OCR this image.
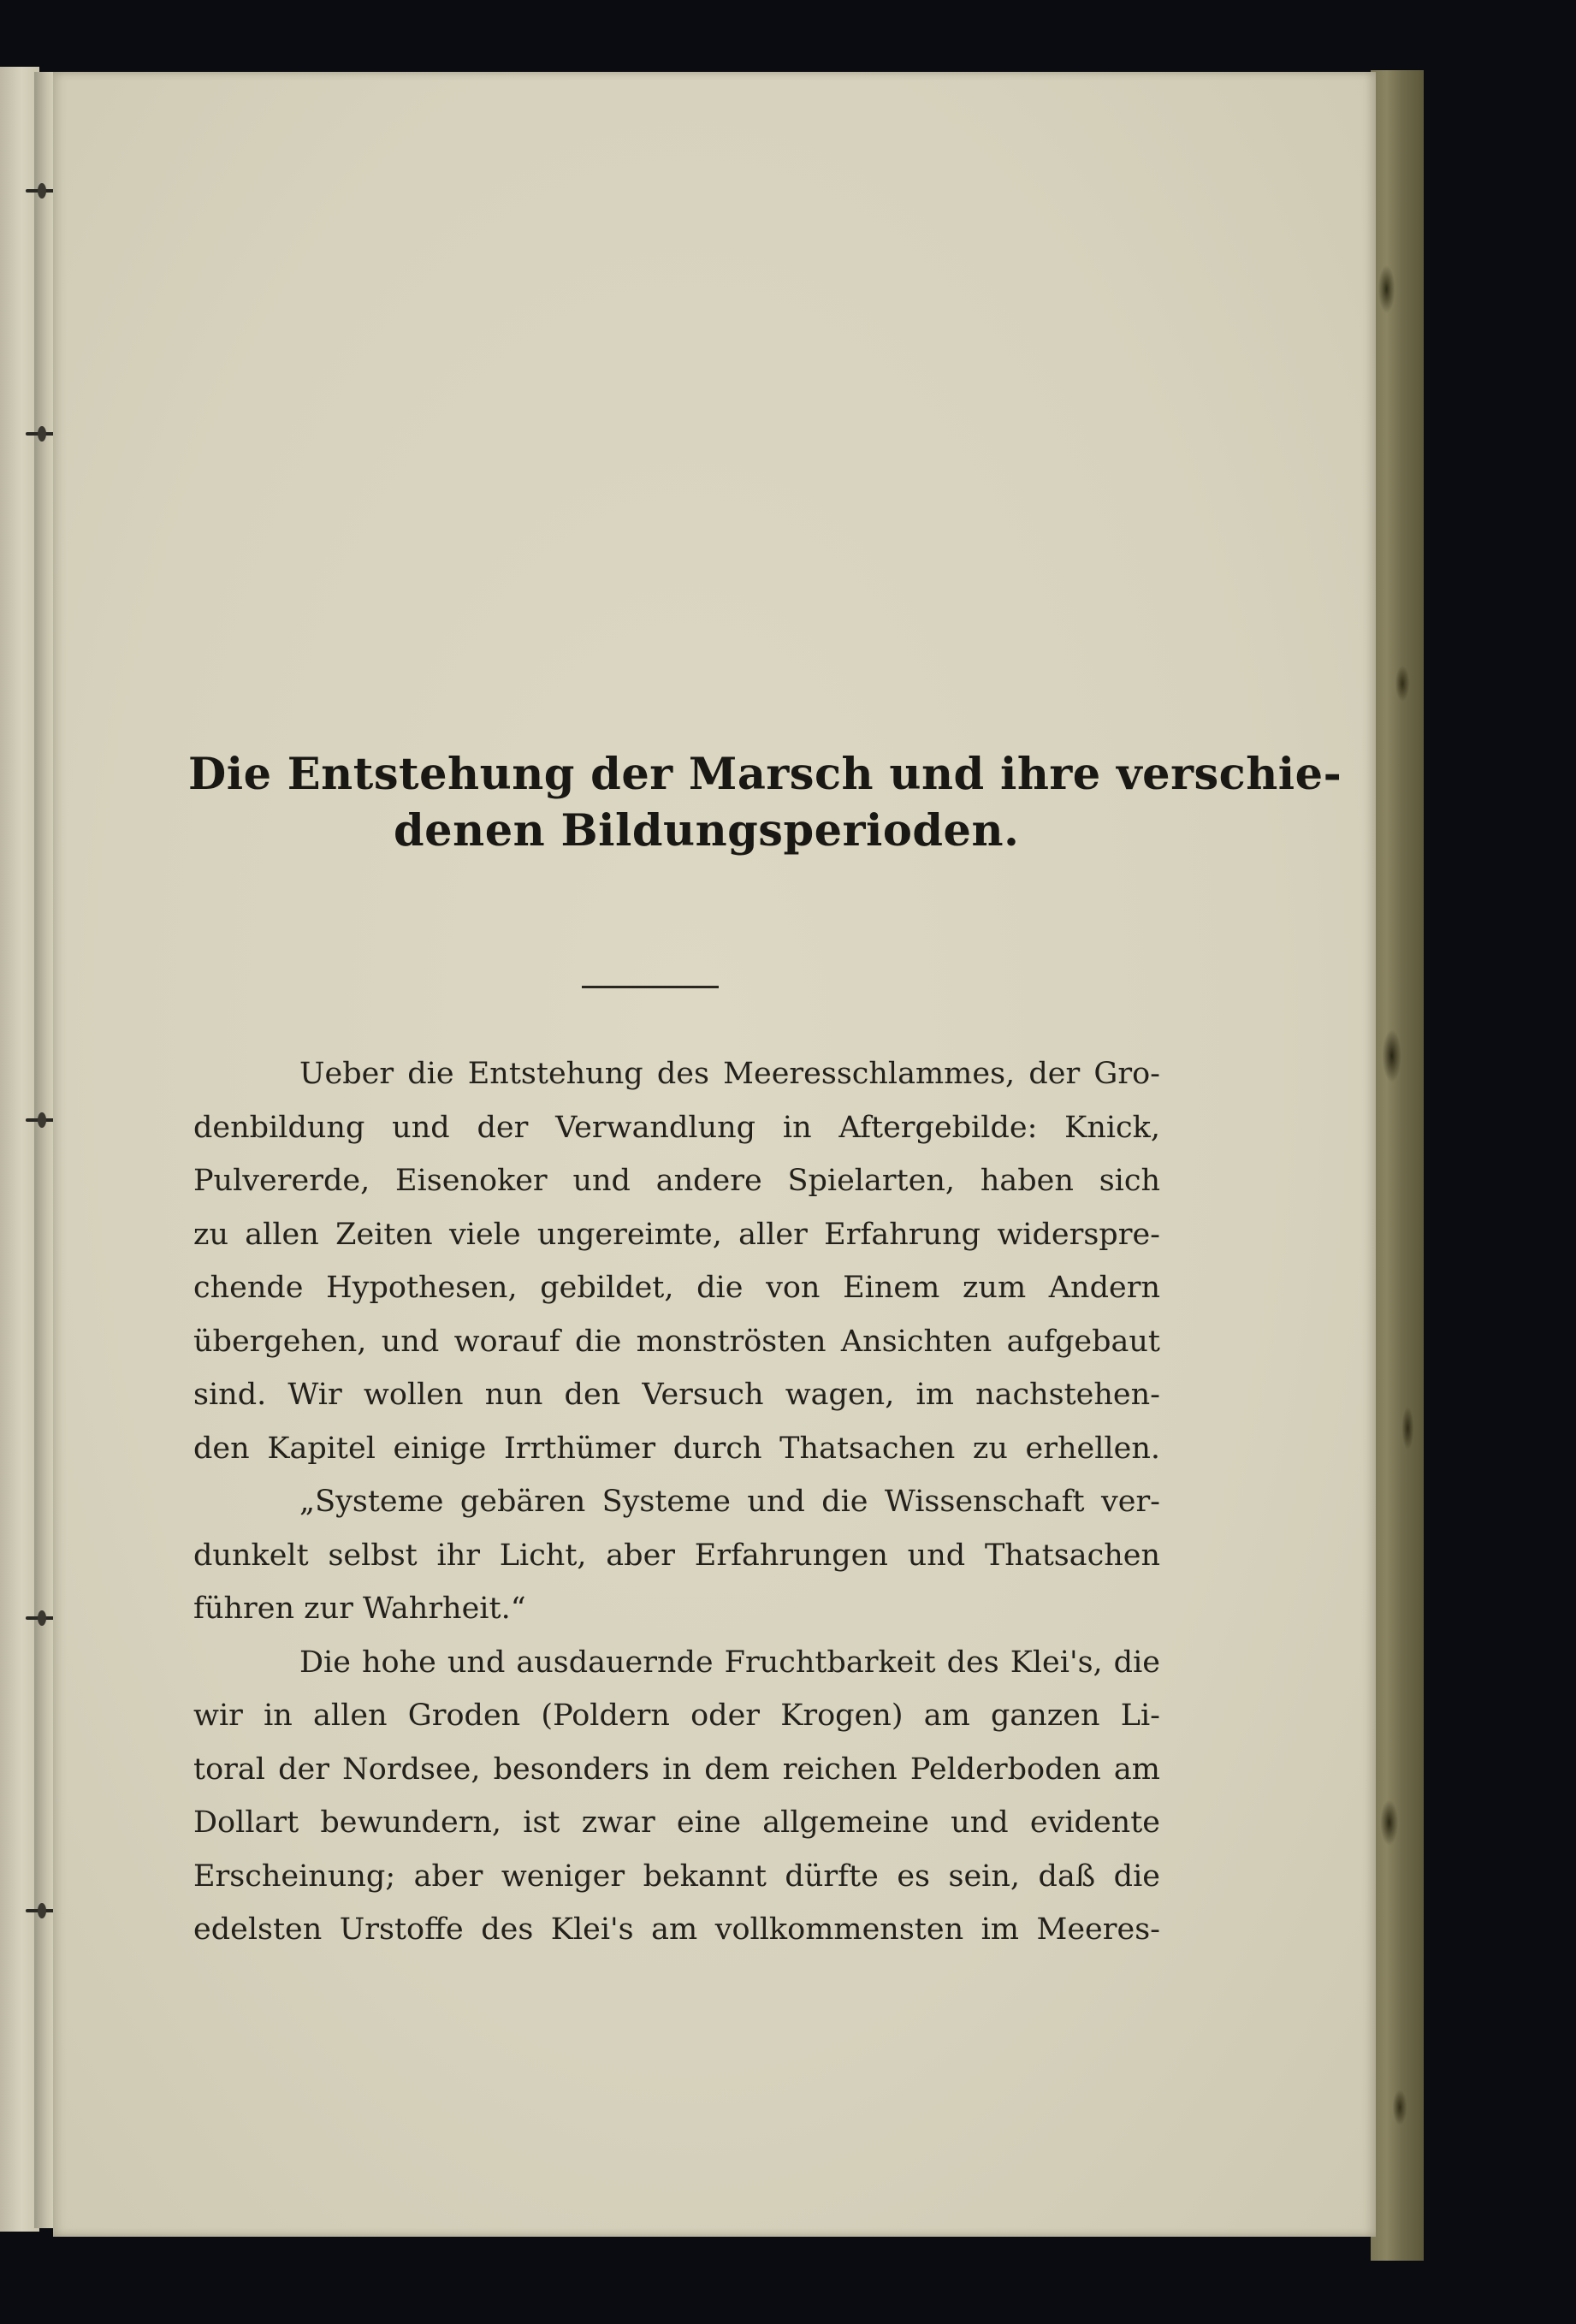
Die Entstehung der Marsch und ihre verschie-
denen Bildungsperioden.
Ueber die Entstehung des Meeresschlammes, der Gro-
denbildung und der Verwandlung in Aftergebilde: Knick,
Pulvererde, Eisenoker und andere Spielarten, haben sich
zu allen Zeiten viele ungereimte, aller Erfahrung widerspre-
chende Hypothesen, gebildet, die von Einem zum Andern
übergehen, und worauf die monströsten Ansichten aufgebaut
sind. Wir wollen nun den Versuch wagen, im nachstehen-
den Kapitel einige Irrthümer durch Thatsachen zu erhellen.
„Systeme gebären Systeme und die Wissenschaft ver-
dunkelt selbst ihr Licht, aber Erfahrungen und Thatsachen
führen zur Wahrheit.“
Die hohe und ausdauernde Fruchtbarkeit des Klei's, die
wir in allen Groden (Poldern oder Krogen) am ganzen Li-
toral der Nordsee, besonders in dem reichen Pelderboden am
Dollart bewundern, ist zwar eine allgemeine und evidente
Erscheinung; aber weniger bekannt dürfte es sein, daß die
edelsten Urstoffe des Klei's am vollkommensten im Meeres-
